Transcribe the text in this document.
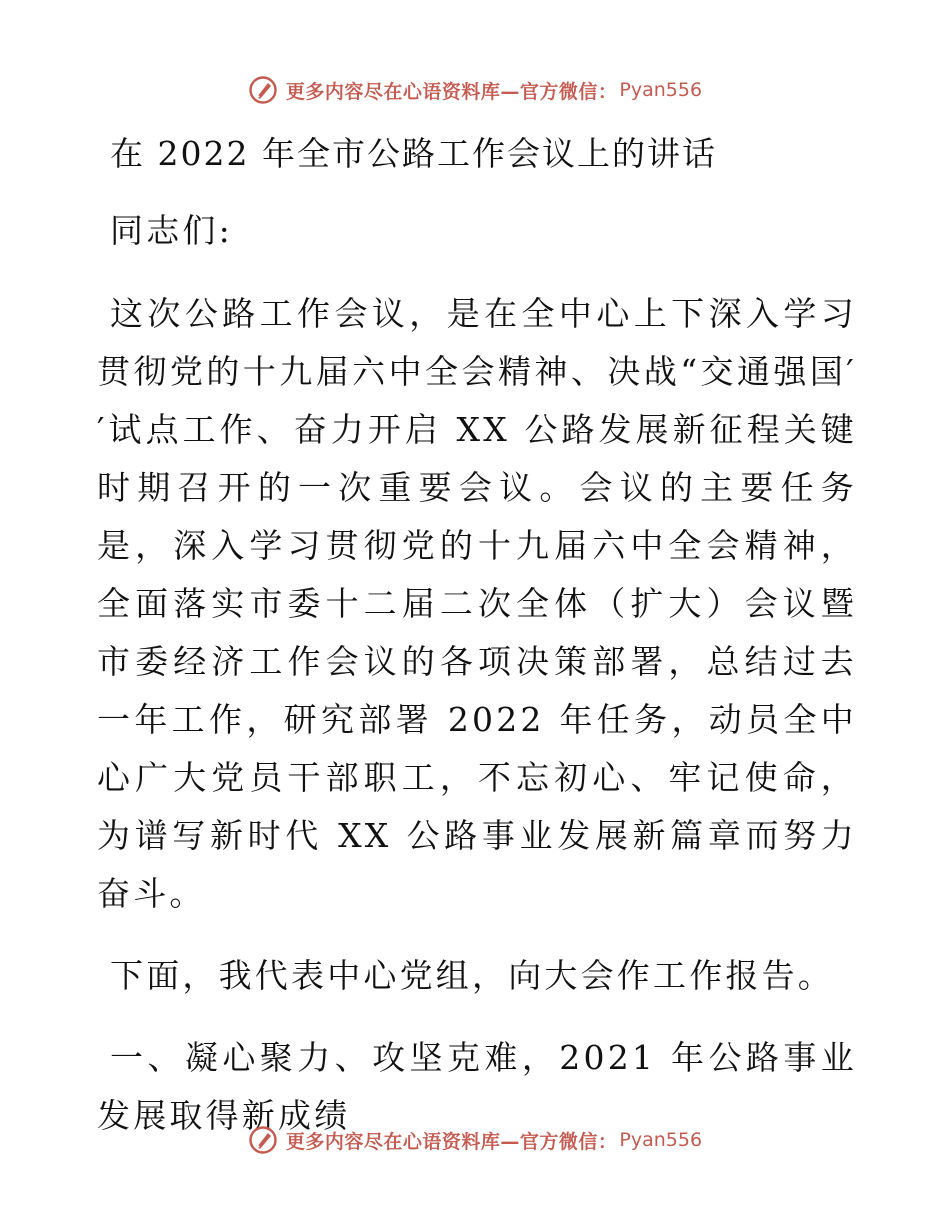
更多内容尽在心语资料库—官方微信： Pyan556
在 2022 年全市公路工作会议上的讲话

同志们:

这次公路工作会议，是在全中心上下深入学习贯彻党的十九届六中全会精神、决战“交通强国′′试点工作、奋力开启 XX 公路发展新征程关键时期召开的一次重要会议。会议的主要任务是，深入学习贯彻党的十九届六中全会精神，全面落实市委十二届二次全体（扩大）会议暨市委经济工作会议的各项决策部署，总结过去一年工作，研究部署 2022 年任务，动员全中心广大党员干部职工，不忘初心、牢记使命，为谱写新时代 XX 公路事业发展新篇章而努力奋斗。

下面，我代表中心党组，向大会作工作报告。

一、凝心聚力、攻坚克难，2021 年公路事业发展取得新成绩

更多内容尽在心语资料库—官方微信： Pyan556
